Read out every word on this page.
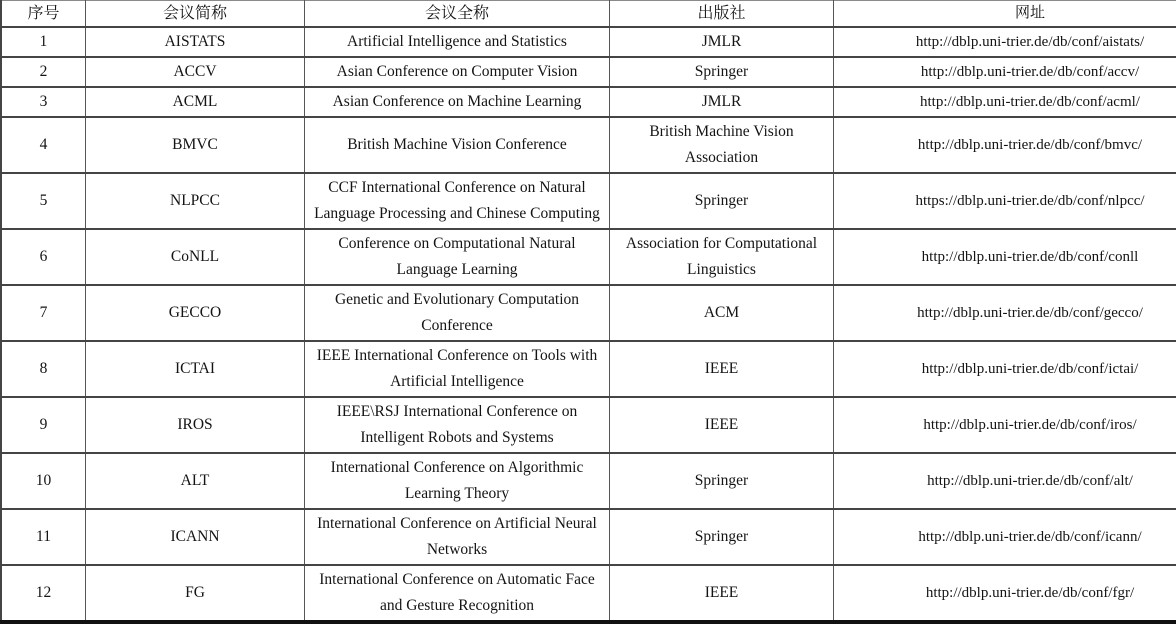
序号	会议简称	会议全称	出版社	网址
1	AISTATS	Artificial Intelligence and Statistics	JMLR	http://dblp.uni-trier.de/db/conf/aistats/
2	ACCV	Asian Conference on Computer Vision	Springer	http://dblp.uni-trier.de/db/conf/accv/
3	ACML	Asian Conference on Machine Learning	JMLR	http://dblp.uni-trier.de/db/conf/acml/
4	BMVC	British Machine Vision Conference	British Machine Vision Association	http://dblp.uni-trier.de/db/conf/bmvc/
5	NLPCC	CCF International Conference on Natural Language Processing and Chinese Computing	Springer	https://dblp.uni-trier.de/db/conf/nlpcc/
6	CoNLL	Conference on Computational Natural Language Learning	Association for Computational Linguistics	http://dblp.uni-trier.de/db/conf/conll
7	GECCO	Genetic and Evolutionary Computation Conference	ACM	http://dblp.uni-trier.de/db/conf/gecco/
8	ICTAI	IEEE International Conference on Tools with Artificial Intelligence	IEEE	http://dblp.uni-trier.de/db/conf/ictai/
9	IROS	IEEE\RSJ International Conference on Intelligent Robots and Systems	IEEE	http://dblp.uni-trier.de/db/conf/iros/
10	ALT	International Conference on Algorithmic Learning Theory	Springer	http://dblp.uni-trier.de/db/conf/alt/
11	ICANN	International Conference on Artificial Neural Networks	Springer	http://dblp.uni-trier.de/db/conf/icann/
12	FG	International Conference on Automatic Face and Gesture Recognition	IEEE	http://dblp.uni-trier.de/db/conf/fgr/
